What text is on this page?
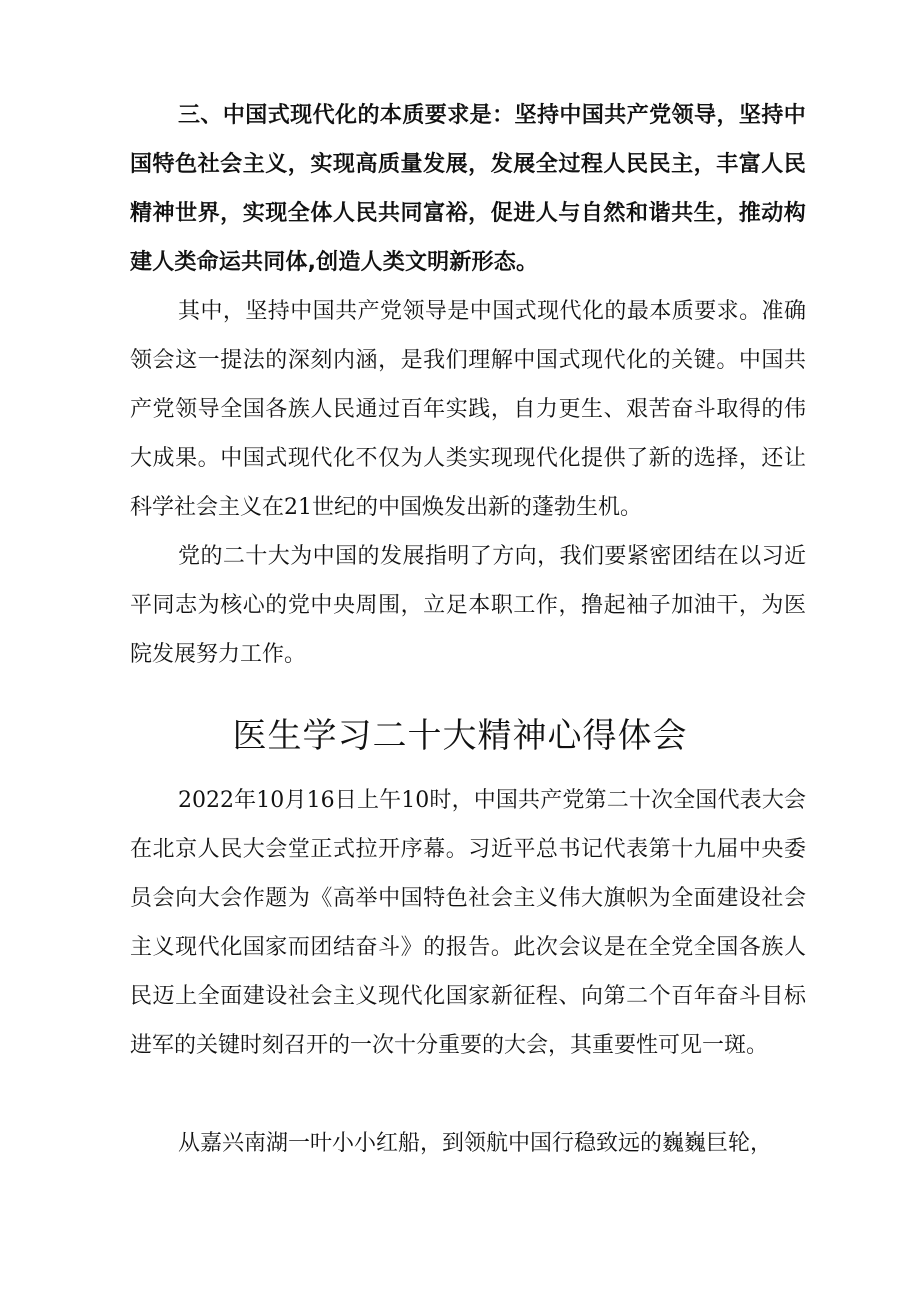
三、中国式现代化的本质要求是：坚持中国共产党领导，坚持中国特色社会主义，实现高质量发展，发展全过程人民民主，丰富人民精神世界，实现全体人民共同富裕，促进人与自然和谐共生，推动构建人类命运共同体,创造人类文明新形态。

其中，坚持中国共产党领导是中国式现代化的最本质要求。准确领会这一提法的深刻内涵，是我们理解中国式现代化的关键。中国共产党领导全国各族人民通过百年实践，自力更生、艰苦奋斗取得的伟大成果。中国式现代化不仅为人类实现现代化提供了新的选择，还让科学社会主义在21世纪的中国焕发出新的蓬勃生机。

党的二十大为中国的发展指明了方向，我们要紧密团结在以习近平同志为核心的党中央周围，立足本职工作，撸起袖子加油干，为医院发展努力工作。

医生学习二十大精神心得体会

2022年10月16日上午10时，中国共产党第二十次全国代表大会在北京人民大会堂正式拉开序幕。习近平总书记代表第十九届中央委员会向大会作题为《高举中国特色社会主义伟大旗帜为全面建设社会主义现代化国家而团结奋斗》的报告。此次会议是在全党全国各族人民迈上全面建设社会主义现代化国家新征程、向第二个百年奋斗目标进军的关键时刻召开的一次十分重要的大会，其重要性可见一斑。

从嘉兴南湖一叶小小红船，到领航中国行稳致远的巍巍巨轮，
